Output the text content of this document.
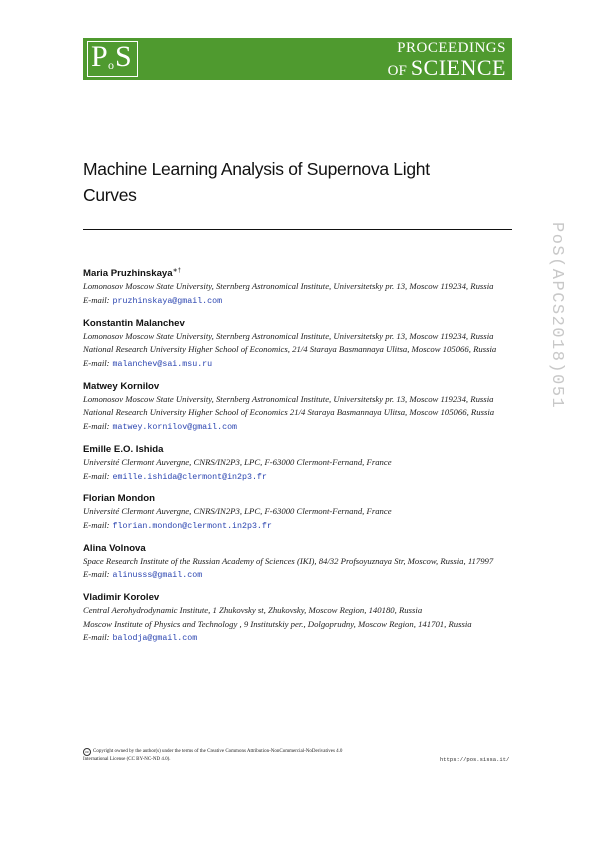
P o S	PROCEEDINGS
OF SCIENCE
Machine Learning Analysis of Supernova Light Curves
PoS(APCS2018)051
Maria Pruzhinskaya∗†
Lomonosov Moscow State University, Sternberg Astronomical Institute, Universitetsky pr. 13, Moscow 119234, Russia
E-mail: pruzhinskaya@gmail.com
Konstantin Malanchev
Lomonosov Moscow State University, Sternberg Astronomical Institute, Universitetsky pr. 13, Moscow 119234, Russia
National Research University Higher School of Economics, 21/4 Staraya Basmannaya Ulitsa, Moscow 105066, Russia
E-mail: malanchev@sai.msu.ru
Matwey Kornilov
Lomonosov Moscow State University, Sternberg Astronomical Institute, Universitetsky pr. 13, Moscow 119234, Russia
National Research University Higher School of Economics 21/4 Staraya Basmannaya Ulitsa, Moscow 105066, Russia
E-mail: matwey.kornilov@gmail.com
Emille E.O. Ishida
Université Clermont Auvergne, CNRS/IN2P3, LPC, F-63000 Clermont-Fernand, France
E-mail: emille.ishida@clermont@in2p3.fr
Florian Mondon
Université Clermont Auvergne, CNRS/IN2P3, LPC, F-63000 Clermont-Fernand, France
E-mail: florian.mondon@clermont.in2p3.fr
Alina Volnova
Space Research Institute of the Russian Academy of Sciences (IKI), 84/32 Profsoyuznaya Str, Moscow, Russia, 117997
E-mail: alinusss@gmail.com
Vladimir Korolev
Central Aerohydrodynamic Institute, 1 Zhukovsky st, Zhukovsky, Moscow Region, 140180, Russia
Moscow Institute of Physics and Technology , 9 Institutskiy per., Dolgoprudny, Moscow Region, 141701, Russia
E-mail: balodja@gmail.com
cc Copyright owned by the author(s) under the terms of the Creative Commons Attribution-NonCommercial-NoDerivatives 4.0 International License (CC BY-NC-ND 4.0).	https://pos.sissa.it/
